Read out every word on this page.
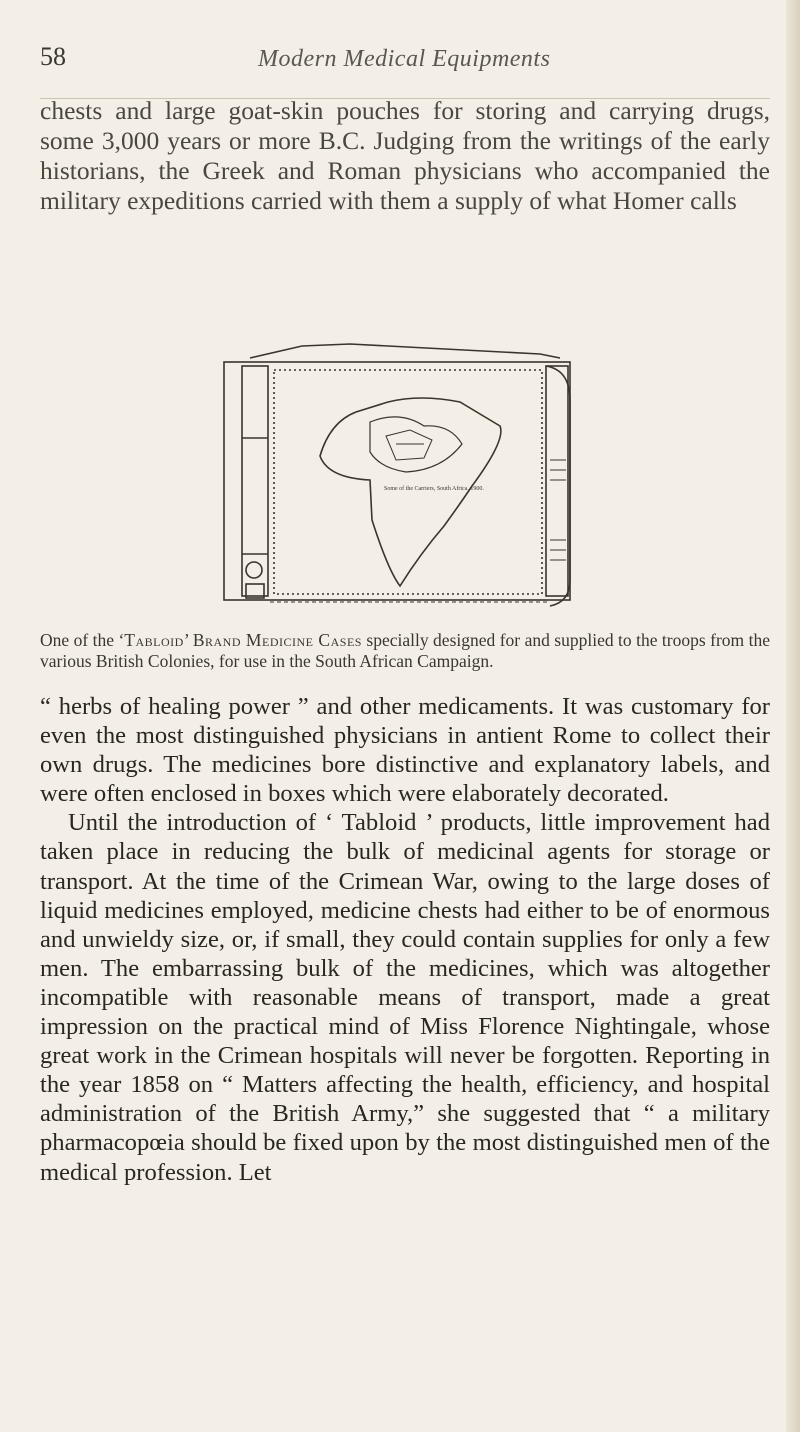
58	Modern Medical Equipments

chests and large goat-skin pouches for storing and carrying drugs, some 3,000 years or more B.C. Judging from the writings of the early historians, the Greek and Roman physicians who accompanied the military expeditions carried with them a supply of what Homer calls

Some of the Carriers, South Africa, 1900.

One of the ‘Tabloid’ Brand Medicine Cases specially designed for and supplied to the troops from the various British Colonies, for use in the South African Campaign.

“ herbs of healing power ” and other medicaments. It was customary for even the most distinguished physicians in antient Rome to collect their own drugs. The medicines bore distinctive and explanatory labels, and were often enclosed in boxes which were elaborately decorated.

Until the introduction of ‘ Tabloid ’ products, little improvement had taken place in reducing the bulk of medicinal agents for storage or transport. At the time of the Crimean War, owing to the large doses of liquid medicines employed, medicine chests had either to be of enormous and unwieldy size, or, if small, they could contain supplies for only a few men. The embarrassing bulk of the medicines, which was altogether incompatible with reasonable means of transport, made a great impression on the practical mind of Miss Florence Nightingale, whose great work in the Crimean hospitals will never be forgotten. Reporting in the year 1858 on “ Matters affecting the health, efficiency, and hospital administration of the British Army,” she suggested that “ a military pharmacopœia should be fixed upon by the most distinguished men of the medical profession. Let
